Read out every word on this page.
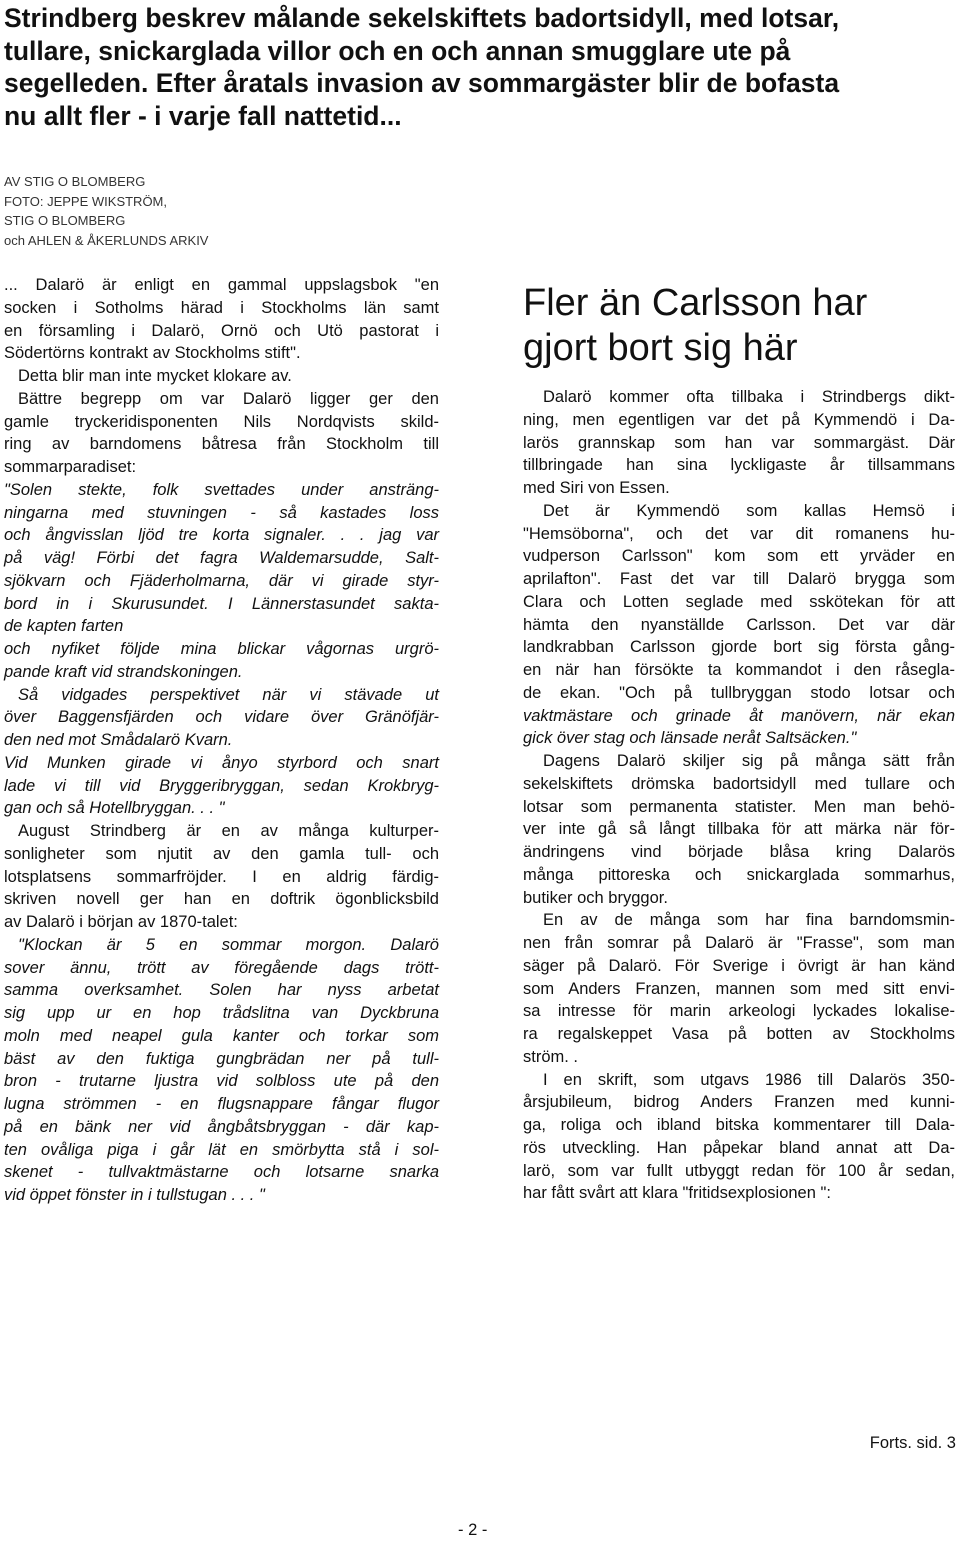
Strindberg beskrev målande sekelskiftets badortsidyll, med lotsar,
tullare, snickarglada villor och en och annan smugglare ute på
segelleden. Efter åratals invasion av sommargäster blir de bofasta
nu allt fler - i varje fall nattetid...
AV STIG O BLOMBERG
FOTO: JEPPE WIKSTRÖM,
STIG O BLOMBERG
och AHLEN & ÅKERLUNDS ARKIV
... Dalarö är enligt en gammal uppslagsbok "en
socken i Sotholms härad i Stockholms län samt
en församling i Dalarö, Ornö och Utö pastorat i
Södertörns kontrakt av Stockholms stift".
Detta blir man inte mycket klokare av.
Bättre begrepp om var Dalarö ligger ger den
gamle tryckeridisponenten Nils Nordqvists skild-
ring av barndomens båtresa från Stockholm till
sommarparadiset:
"Solen stekte, folk svettades under ansträng-
ningarna med stuvningen - så kastades loss
och ångvisslan ljöd tre korta signaler. . . jag var
på väg! Förbi det fagra Waldemarsudde, Salt-
sjökvarn och Fjäderholmarna, där vi girade styr-
bord in i Skurusundet. I Lännerstasundet sakta-
de kapten farten
och nyfiket följde mina blickar vågornas urgrö-
pande kraft vid strandskoningen.
Så vidgades perspektivet när vi stävade ut
över Baggensfjärden och vidare över Gränöfjär-
den ned mot Smådalarö Kvarn.
Vid Munken girade vi ånyo styrbord och snart
lade vi till vid Bryggeribryggan, sedan Krokbryg-
gan och så Hotellbryggan. . . "
August Strindberg är en av många kulturper-
sonligheter som njutit av den gamla tull- och
lotsplatsens sommarfröjder. I en aldrig färdig-
skriven novell ger han en doftrik ögonblicksbild
av Dalarö i början av 1870-talet:
"Klockan är 5 en sommar morgon. Dalarö
sover ännu, trött av föregående dags trött-
samma overksamhet. Solen har nyss arbetat
sig upp ur en hop trådslitna van Dyckbruna
moln med neapel gula kanter och torkar som
bäst av den fuktiga gungbrädan ner på tull-
bron - trutarne ljustra vid solbloss ute på den
lugna strömmen - en flugsnappare fångar flugor
på en bänk ner vid ångbåtsbryggan - där kap-
ten ovåliga piga i går lät en smörbytta stå i sol-
skenet - tullvaktmästarne och lotsarne snarka
vid öppet fönster in i tullstugan . . . "
Fler än Carlsson har
gjort bort sig här
Dalarö kommer ofta tillbaka i Strindbergs dikt-
ning, men egentligen var det på Kymmendö i Da-
larös grannskap som han var sommargäst. Där
tillbringade han sina lyckligaste år tillsammans
med Siri von Essen.
Det är Kymmendö som kallas Hemsö i
"Hemsöborna", och det var dit romanens hu-
vudperson Carlsson" kom som ett yrväder en
aprilafton". Fast det var till Dalarö brygga som
Clara och Lotten seglade med sskötekan för att
hämta den nyanställde Carlsson. Det var där
landkrabban Carlsson gjorde bort sig första gång-
en när han försökte ta kommandot i den råsegla-
de ekan. "Och på tullbryggan stodo lotsar och
vaktmästare och grinade åt manövern, när ekan
gick över stag och länsade neråt Saltsäcken."
Dagens Dalarö skiljer sig på många sätt från
sekelskiftets drömska badortsidyll med tullare och
lotsar som permanenta statister. Men man behö-
ver inte gå så långt tillbaka för att märka när för-
ändringens vind började blåsa kring Dalarös
många pittoreska och snickarglada sommarhus,
butiker och bryggor.
En av de många som har fina barndomsmin-
nen från somrar på Dalarö är "Frasse", som man
säger på Dalarö. För Sverige i övrigt är han känd
som Anders Franzen, mannen som med sitt envi-
sa intresse för marin arkeologi lyckades lokalise-
ra regalskeppet Vasa på botten av Stockholms
ström. .
I en skrift, som utgavs 1986 till Dalarös 350-
årsjubileum, bidrog Anders Franzen med kunni-
ga, roliga och ibland bitska kommentarer till Dala-
rös utveckling. Han påpekar bland annat att Da-
larö, som var fullt utbyggt redan för 100 år sedan,
har fått svårt att klara "fritidsexplosionen ":
Forts. sid. 3
- 2 -
